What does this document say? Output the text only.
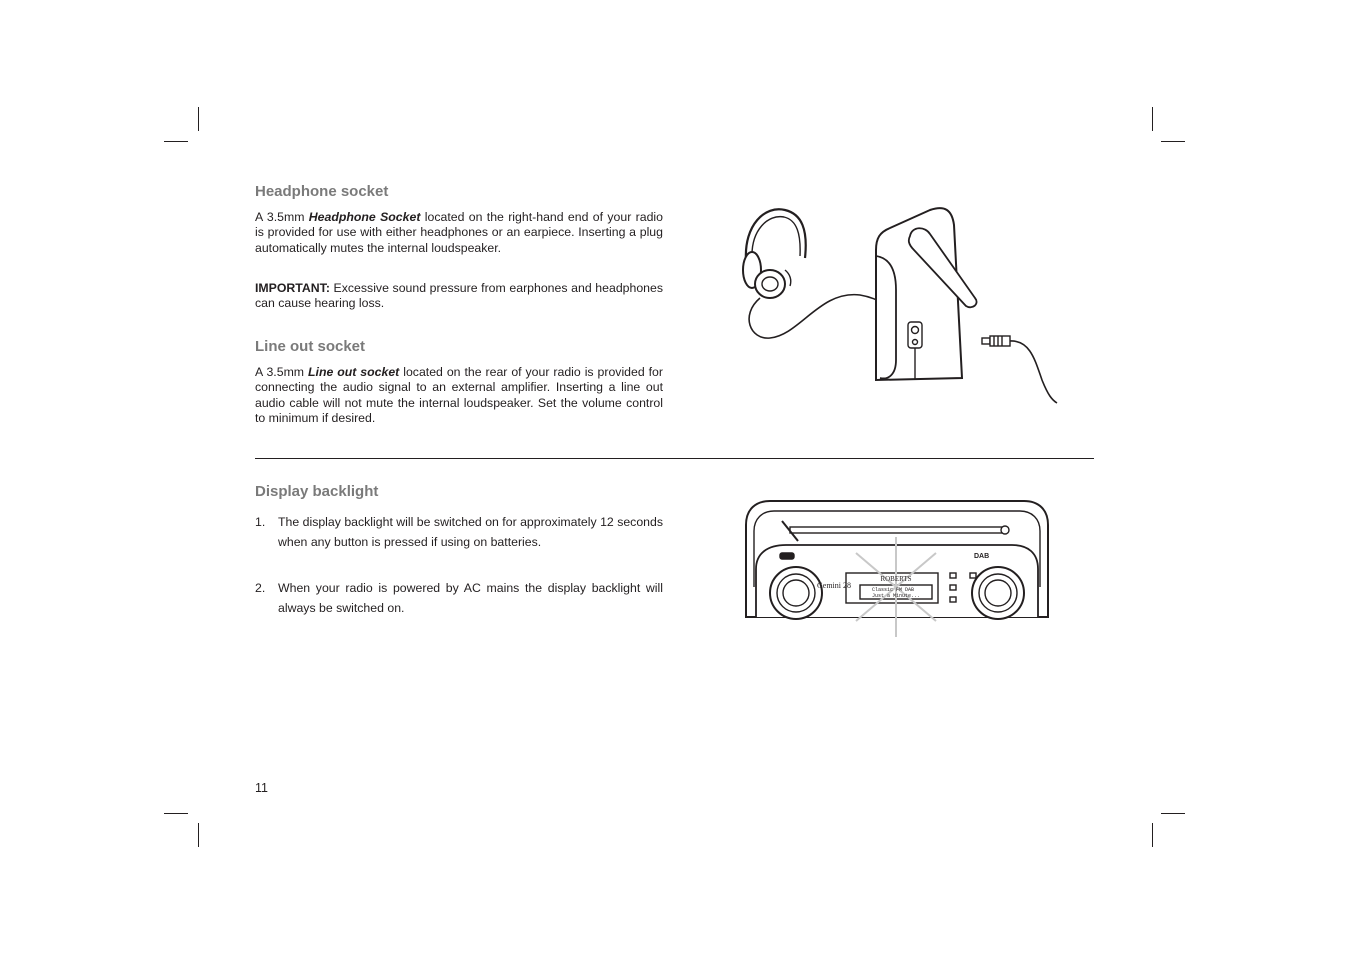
Headphone socket

A 3.5mm Headphone Socket located on the right-hand end of your radio is provided for use with either headphones or an earpiece. Inserting a plug automatically mutes the internal loudspeaker.

IMPORTANT: Excessive sound pressure from earphones and headphones can cause hearing loss.

Line out socket

A 3.5mm Line out socket located on the rear of your radio is provided for connecting the audio signal to an external amplifier. Inserting a line out audio cable will not mute the internal loudspeaker. Set the volume control to minimum if desired.

Display backlight
1. The display backlight will be switched on for approximately 12 seconds when any button is pressed if using on batteries.
2. When your radio is powered by AC mains the display backlight will always be switched on.
ROBERTS
Gemini 28	Classic FM DAB
Just a Minute...
DAB
11
